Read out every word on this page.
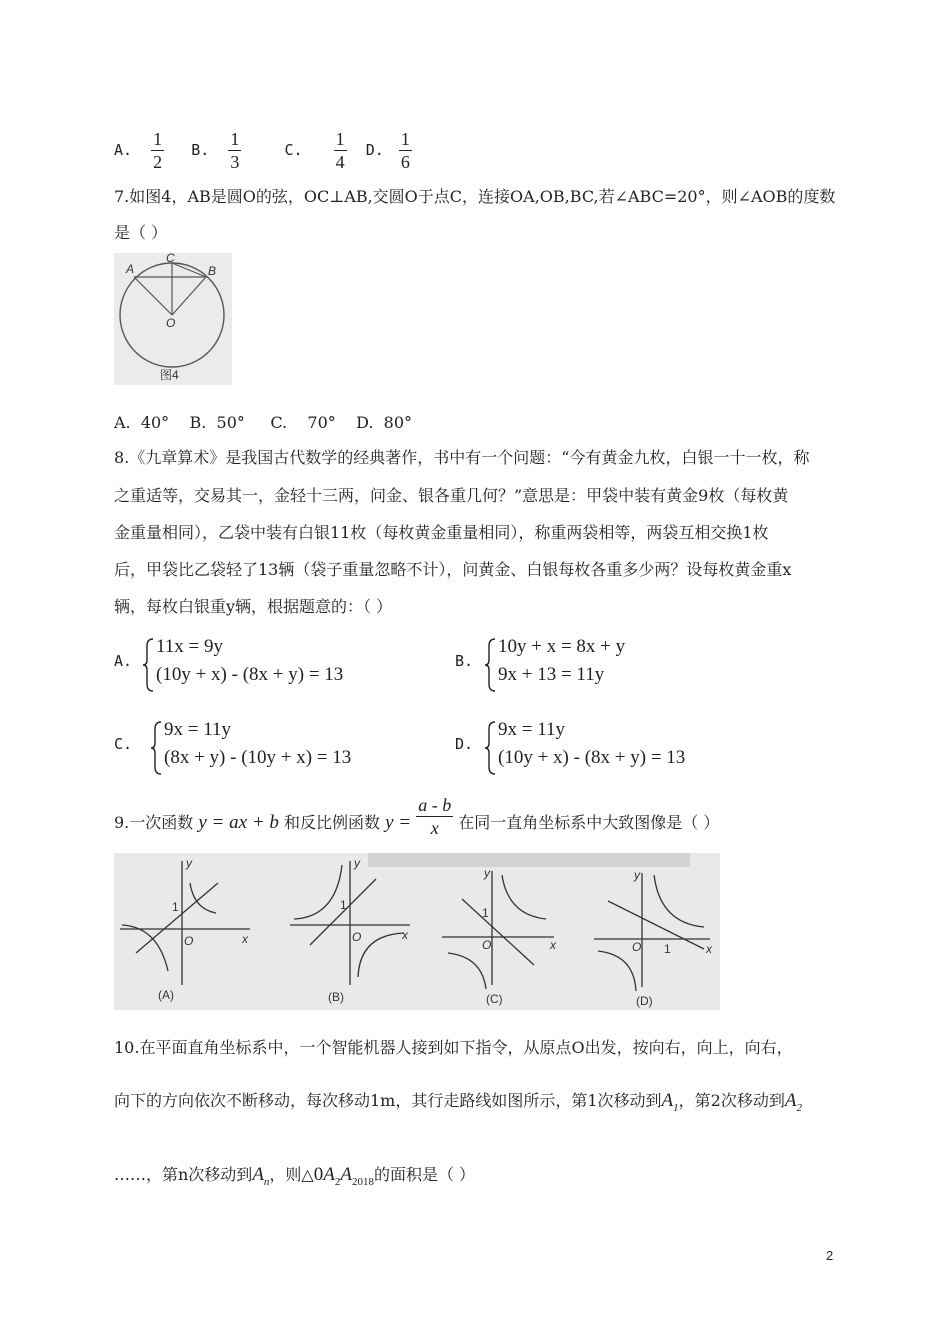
A. $\frac{1}{2} B$. $\frac{1}{3}$	C. $\frac{1}{4} D$. $\frac{1}{6}$
7.如图4，AB是圆O的弦，OC⊥AB,交圆O于点C，连接OA,OB,BC,若∠ABC=20°，则∠AOB的度数
是（ ）
A
C
B
O
图4
A.  40°    B.  50°     C.    70°    D.  80°
8.《九章算术》是我国古代数学的经典著作，书中有一个问题：“今有黄金九枚，白银一十一枚，称
之重适等，交易其一，金轻十三两，问金、银各重几何？”意思是：甲袋中装有黄金9枚（每枚黄
金重量相同），乙袋中装有白银11枚（每枚黄金重量相同），称重两袋相等，两袋互相交换1枚
后，甲袋比乙袋轻了13辆（袋子重量忽略不计），问黄金、白银每枚各重多少两？设每枚黄金重x
辆，每枚白银重y辆，根据题意的：（ ）
A.
11x = 9y
(10y + x) - (8x + y) = 13
B.
10y + x = 8x + y
9x + 13 = 11y
C.
9x = 11y
(8x + y) - (10y + x) = 13
D.
9x = 11y
(10y + x) - (8x + y) = 13
9.一次函数 y = ax + b 和反比例函数 $y = \frac{a - b}{x}$ 在同一直角坐标系中大致图像是（ ）
y
x
O
1
(A)
y
x
O
1
(B)
y
x
O
1
(C)
y
x
O 1
(D)
10.在平面直角坐标系中，一个智能机器人接到如下指令，从原点O出发，按向右，向上，向右，
向下的方向依次不断移动，每次移动1m，其行走路线如图所示，第1次移动到$A_1$，第2次移动到$A_2$
……，第n次移动到$A_n$，则$\triangle 0A_2A_{2018}$的面积是（ ）
2
